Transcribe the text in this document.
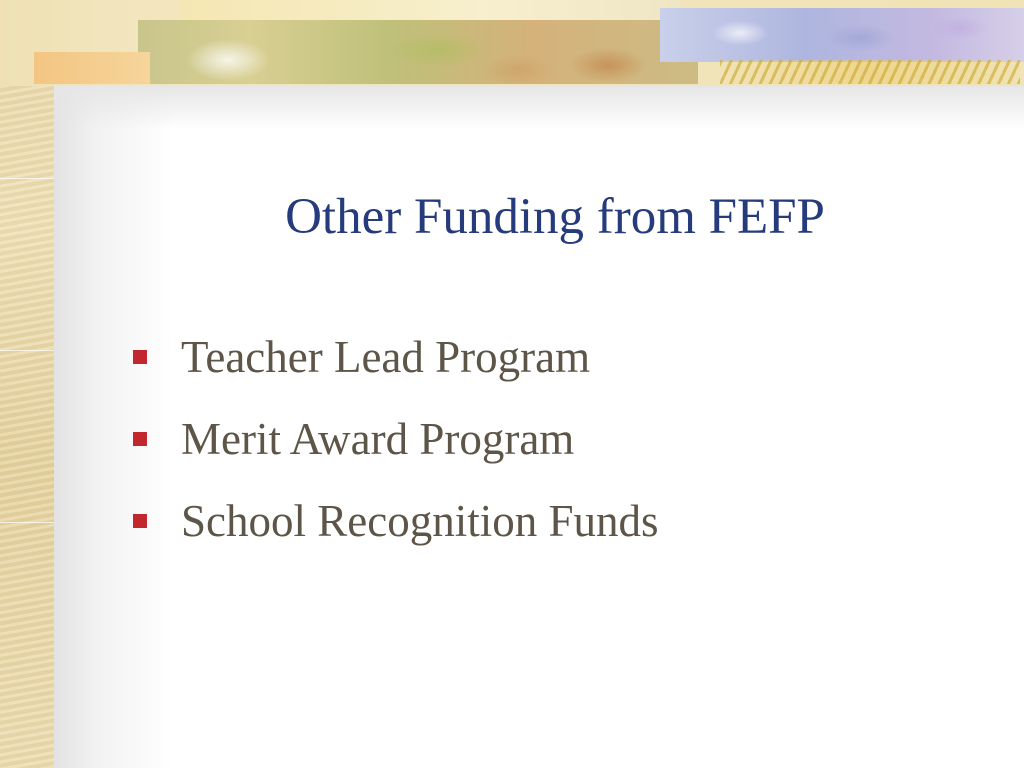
Other Funding from FEFP
Teacher Lead Program
Merit Award Program
School Recognition Funds
